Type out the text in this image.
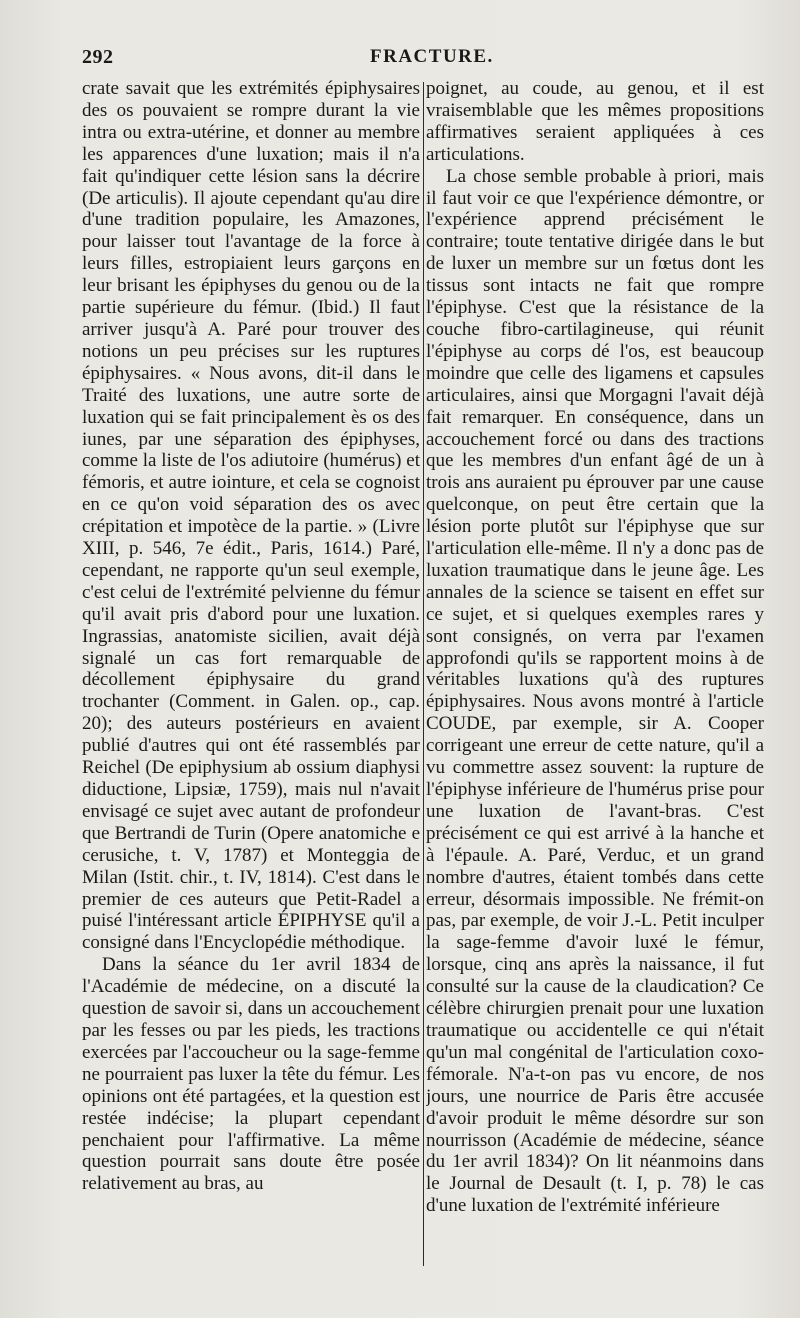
292	FRACTURE.

crate savait que les extrémités épiphysaires des os pouvaient se rompre durant la vie intra ou extra-utérine, et donner au membre les apparences d'une luxation; mais il n'a fait qu'indiquer cette lésion sans la décrire (De articulis). Il ajoute cependant qu'au dire d'une tradition populaire, les Amazones, pour laisser tout l'avantage de la force à leurs filles, estropiaient leurs garçons en leur brisant les épiphyses du genou ou de la partie supérieure du fémur. (Ibid.) Il faut arriver jusqu'à A. Paré pour trouver des notions un peu précises sur les ruptures épiphysaires. « Nous avons, dit-il dans le Traité des luxations, une autre sorte de luxation qui se fait principalement ès os des iunes, par une séparation des épiphyses, comme la liste de l'os adiutoire (humérus) et fémoris, et autre iointure, et cela se cognoist en ce qu'on void séparation des os avec crépitation et impotèce de la partie. » (Livre XIII, p. 546, 7e édit., Paris, 1614.) Paré, cependant, ne rapporte qu'un seul exemple, c'est celui de l'extrémité pelvienne du fémur qu'il avait pris d'abord pour une luxation. Ingrassias, anatomiste sicilien, avait déjà signalé un cas fort remarquable de décollement épiphysaire du grand trochanter (Comment. in Galen. op., cap. 20); des auteurs postérieurs en avaient publié d'autres qui ont été rassemblés par Reichel (De epiphysium ab ossium diaphysi diductione, Lipsiæ, 1759), mais nul n'avait envisagé ce sujet avec autant de profondeur que Bertrandi de Turin (Opere anatomiche e cerusiche, t. V, 1787) et Monteggia de Milan (Istit. chir., t. IV, 1814). C'est dans le premier de ces auteurs que Petit-Radel a puisé l'intéressant article ÉPIPHYSE qu'il a consigné dans l'Encyclopédie méthodique.

Dans la séance du 1er avril 1834 de l'Académie de médecine, on a discuté la question de savoir si, dans un accouchement par les fesses ou par les pieds, les tractions exercées par l'accoucheur ou la sage-femme ne pourraient pas luxer la tête du fémur. Les opinions ont été partagées, et la question est restée indécise; la plupart cependant penchaient pour l'affirmative. La même question pourrait sans doute être posée relativement au bras, au

poignet, au coude, au genou, et il est vraisemblable que les mêmes propositions affirmatives seraient appliquées à ces articulations.

La chose semble probable à priori, mais il faut voir ce que l'expérience démontre, or l'expérience apprend précisément le contraire; toute tentative dirigée dans le but de luxer un membre sur un fœtus dont les tissus sont intacts ne fait que rompre l'épiphyse. C'est que la résistance de la couche fibro-cartilagineuse, qui réunit l'épiphyse au corps dé l'os, est beaucoup moindre que celle des ligamens et capsules articulaires, ainsi que Morgagni l'avait déjà fait remarquer. En conséquence, dans un accouchement forcé ou dans des tractions que les membres d'un enfant âgé de un à trois ans auraient pu éprouver par une cause quelconque, on peut être certain que la lésion porte plutôt sur l'épiphyse que sur l'articulation elle-même. Il n'y a donc pas de luxation traumatique dans le jeune âge. Les annales de la science se taisent en effet sur ce sujet, et si quelques exemples rares y sont consignés, on verra par l'examen approfondi qu'ils se rapportent moins à de véritables luxations qu'à des ruptures épiphysaires. Nous avons montré à l'article COUDE, par exemple, sir A. Cooper corrigeant une erreur de cette nature, qu'il a vu commettre assez souvent: la rupture de l'épiphyse inférieure de l'humérus prise pour une luxation de l'avant-bras. C'est précisément ce qui est arrivé à la hanche et à l'épaule. A. Paré, Verduc, et un grand nombre d'autres, étaient tombés dans cette erreur, désormais impossible. Ne frémit-on pas, par exemple, de voir J.-L. Petit inculper la sage-femme d'avoir luxé le fémur, lorsque, cinq ans après la naissance, il fut consulté sur la cause de la claudication? Ce célèbre chirurgien prenait pour une luxation traumatique ou accidentelle ce qui n'était qu'un mal congénital de l'articulation coxo-fémorale. N'a-t-on pas vu encore, de nos jours, une nourrice de Paris être accusée d'avoir produit le même désordre sur son nourrisson (Académie de médecine, séance du 1er avril 1834)? On lit néanmoins dans le Journal de Desault (t. I, p. 78) le cas d'une luxation de l'extrémité inférieure
